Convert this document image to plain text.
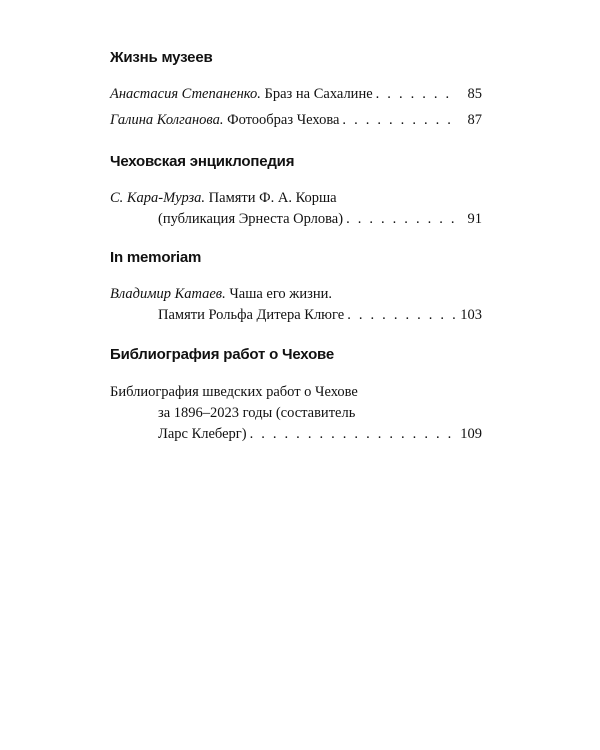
Жизнь музеев
Анастасия Степаненко.
Браз на Сахалине . . .	85
Галина Колганова.
Фотообраз Чехова . . .	87
Чеховская энциклопедия
С. Кара-Мурза.
Памяти Ф. А. Корша
(публикация Эрнеста Орлова) . . .	91
In memoriam
Владимир Катаев.
Чаша его жизни.
Памяти Рольфа Дитера Клюге . . .	103
Библиография работ о Чехове
Библиография шведских работ о Чехове
за 1896–2023 годы (составитель
Ларс Клеберг) . . .	109
